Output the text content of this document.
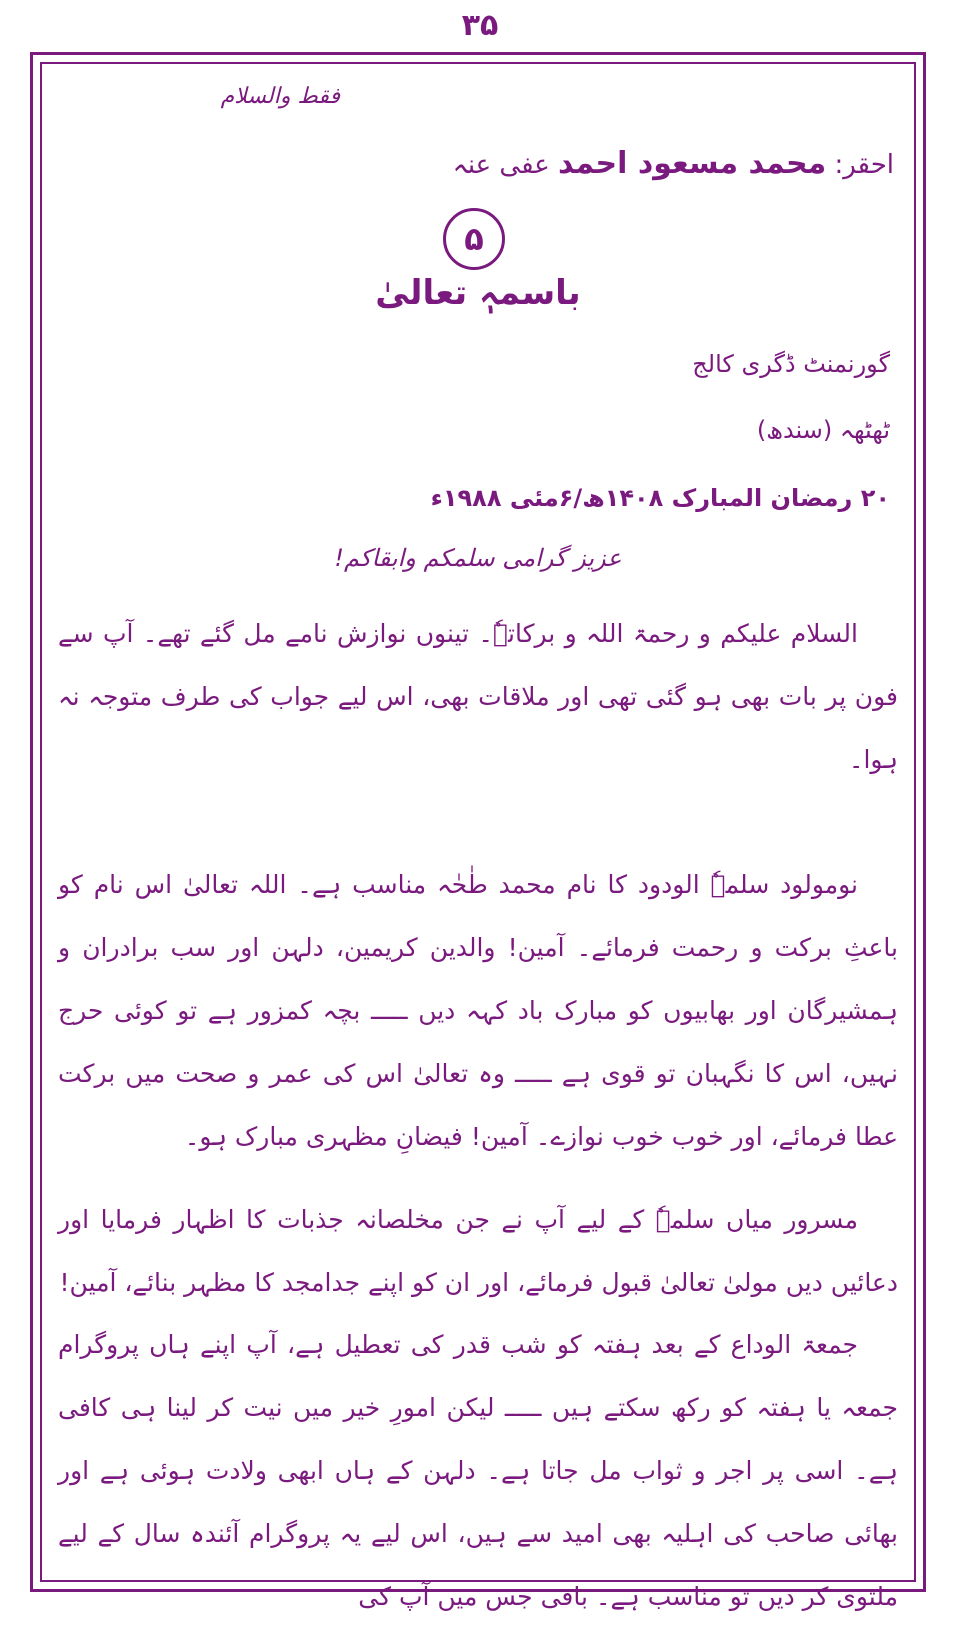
۳۵
فقط والسلام
احقر: محمد مسعود احمد عفی عنہ
۵
باسمہٖ تعالیٰ
گورنمنٹ ڈگری کالج
ٹھٹھہ (سندھ)
۲۰ رمضان المبارک ۱۴۰۸ھ/۶مئی ۱۹۸۸ء
عزیز گرامی سلمکم وابقاکم!
السلام علیکم و رحمۃ اللہ و برکاتہٗ۔ تینوں نوازش نامے مل گئے تھے۔ آپ سے فون پر بات بھی ہو گئی تھی اور ملاقات بھی، اس لیے جواب کی طرف متوجہ نہ ہوا۔
نومولود سلمہٗ الودود کا نام محمد طٰحٰہ مناسب ہے۔ اللہ تعالیٰ اس نام کو باعثِ برکت و رحمت فرمائے۔ آمین! والدین کریمین، دلہن اور سب برادران و ہمشیرگان اور بھابیوں کو مبارک باد کہہ دیں ـــــ بچہ کمزور ہے تو کوئی حرج نہیں، اس کا نگہبان تو قوی ہے ـــــ وہ تعالیٰ اس کی عمر و صحت میں برکت عطا فرمائے، اور خوب خوب نوازے۔ آمین! فیضانِ مظہری مبارک ہو۔
مسرور میاں سلمہٗ کے لیے آپ نے جن مخلصانہ جذبات کا اظہار فرمایا اور دعائیں دیں مولیٰ تعالیٰ قبول فرمائے، اور ان کو اپنے جدامجد کا مظہر بنائے، آمین!
جمعۃ الوداع کے بعد ہفتہ کو شب قدر کی تعطیل ہے، آپ اپنے ہاں پروگرام جمعہ یا ہفتہ کو رکھ سکتے ہیں ـــــ لیکن امورِ خیر میں نیت کر لینا ہی کافی ہے۔ اسی پر اجر و ثواب مل جاتا ہے۔ دلہن کے ہاں ابھی ولادت ہوئی ہے اور بھائی صاحب کی اہلیہ بھی امید سے ہیں، اس لیے یہ پروگرام آئندہ سال کے لیے ملتوی کر دیں تو مناسب ہے۔ باقی جس میں آپ کی
